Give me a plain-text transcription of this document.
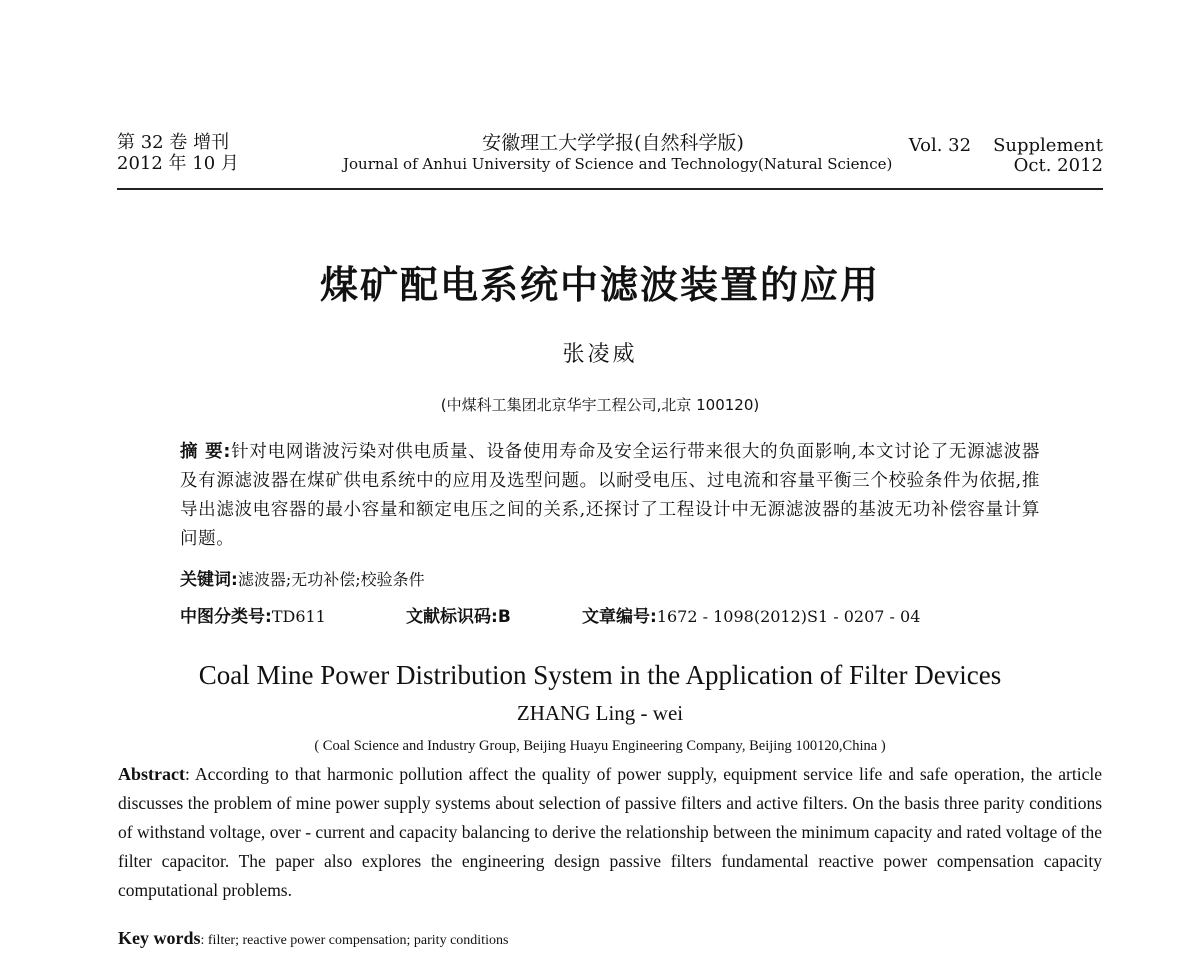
第 32 卷 增刊
2012 年 10 月
安徽理工大学学报(自然科学版)
Journal of Anhui University of Science and Technology(Natural Science)
Vol. 32 Supplement
Oct. 2012
煤矿配电系统中滤波装置的应用
张凌威
(中煤科工集团北京华宇工程公司,北京 100120)
摘 要:针对电网谐波污染对供电质量、设备使用寿命及安全运行带来很大的负面影响,本文讨论了无源滤波器及有源滤波器在煤矿供电系统中的应用及选型问题。以耐受电压、过电流和容量平衡三个校验条件为依据,推导出滤波电容器的最小容量和额定电压之间的关系,还探讨了工程设计中无源滤波器的基波无功补偿容量计算问题。
关键词:滤波器;无功补偿;校验条件
中图分类号:TD611	文献标识码:B	文章编号:1672 - 1098(2012)S1 - 0207 - 04
Coal Mine Power Distribution System in the Application of Filter Devices
ZHANG Ling - wei
( Coal Science and Industry Group, Beijing Huayu Engineering Company, Beijing 100120,China )
Abstract: According to that harmonic pollution affect the quality of power supply, equipment service life and safe operation, the article discusses the problem of mine power supply systems about selection of passive filters and active filters. On the basis three parity conditions of withstand voltage, over - current and capacity balancing to derive the relationship between the minimum capacity and rated voltage of the filter capacitor. The paper also explores the engineering design passive filters fundamental reactive power compensation capacity computational problems.
Key words: filter; reactive power compensation; parity conditions
